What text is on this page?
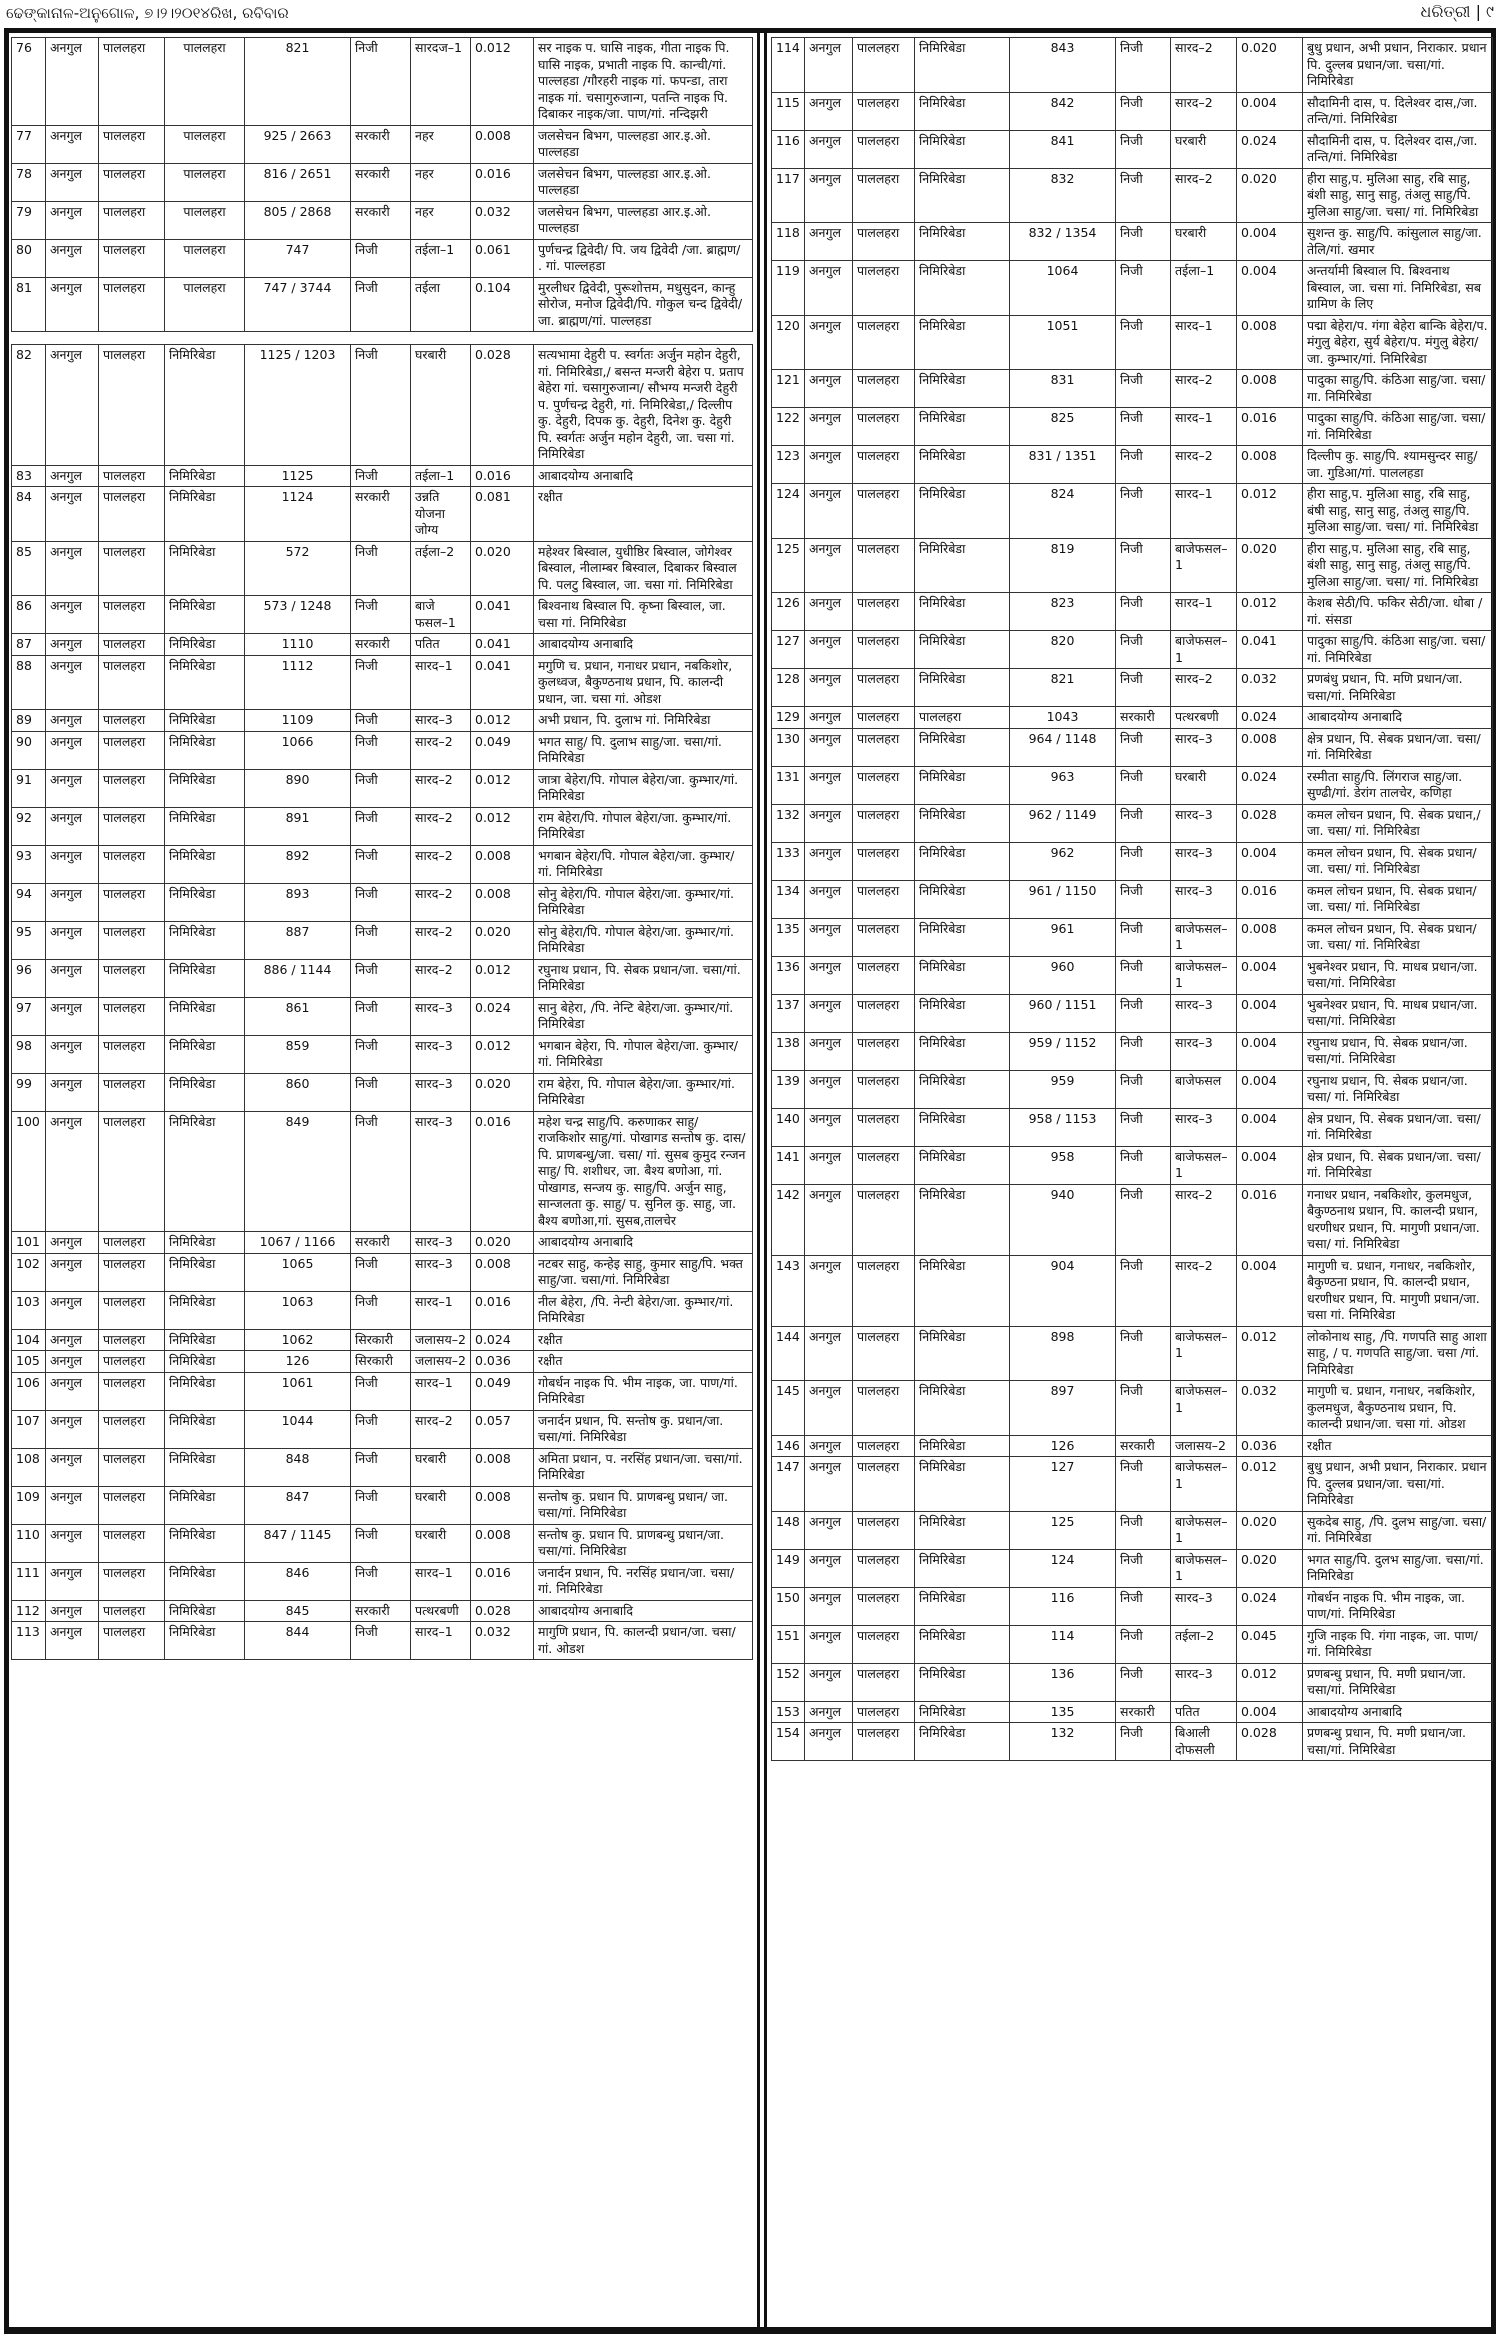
ଢେଙ୍କାନାଳ-ଅନୁଗୋଳ, ୭।୨।୨୦୧୪ରିଖ, ରବିବାର	ଧରିତ୍ରୀ | ୯
76	अनगुल	पाललहरा	पाललहरा	821	निजी	सारदज–1	0.012	सर नाइक प. घासि नाइक, गीता नाइक पि. घासि नाइक, प्रभाती नाइक पि. कान्ची/गां. पाल्लहडा /गौरहरी नाइक गां. फपन्डा, तारा नाइक गां. चसागुरुजान्ग, पतन्ति नाइक पि. दिबाकर नाइक/जा. पाण/गां. नन्दिझरी
77	अनगुल	पाललहरा	पाललहरा	925 / 2663	सरकारी	नहर	0.008	जलसेचन बिभग, पाल्लहडा आर.इ.ओ. पाल्लहडा
78	अनगुल	पाललहरा	पाललहरा	816 / 2651	सरकारी	नहर	0.016	जलसेचन बिभग, पाल्लहडा आर.इ.ओ. पाल्लहडा
79	अनगुल	पाललहरा	पाललहरा	805 / 2868	सरकारी	नहर	0.032	जलसेचन बिभग, पाल्लहडा आर.इ.ओ. पाल्लहडा
80	अनगुल	पाललहरा	पाललहरा	747	निजी	तईला–1	0.061	पुर्णचन्द्र द्विवेदी/ पि. जय द्विवेदी /जा. ब्राह्मण/ . गां. पाल्लहडा
81	अनगुल	पाललहरा	पाललहरा	747 / 3744	निजी	तईला	0.104	मुरलीधर द्विवेदी, पुरूशोत्तम, मधुसुदन, कान्हु सोरोज, मनोज द्विवेदी/पि. गोकुल चन्द द्विवेदी/जा. ब्राह्मण/गां. पाल्लहडा
82	अनगुल	पाललहरा	निमिरिबेडा	1125 / 1203	निजी	घरबारी	0.028	सत्यभामा देहुरी प. स्वर्गतः अर्जुन महोन देहुरी, गां. निमिरिबेडा,/ बसन्त मन्जरी बेहेरा प. प्रताप बेहेरा गां. चसागुरुजान्ग/ सौभग्य मन्जरी देहुरी प. पुर्णचन्द्र देहुरी, गां. निमिरिबेडा,/ दिल्लीप कु. देहुरी, दिपक कु. देहुरी, दिनेश कु. देहुरी पि. स्वर्गतः अर्जुन महोन देहुरी, जा. चसा गां. निमिरिबेडा
83	अनगुल	पाललहरा	निमिरिबेडा	1125	निजी	तईला–1	0.016	आबादयोग्य अनाबादि
84	अनगुल	पाललहरा	निमिरिबेडा	1124	सरकारी	उन्नति योजना जोग्य	0.081	रक्षीत
85	अनगुल	पाललहरा	निमिरिबेडा	572	निजी	तईला–2	0.020	महेश्वर बिस्वाल, युधीष्ठिर बिस्वाल, जोगेश्वर बिस्वाल, नीलाम्बर बिस्वाल, दिबाकर बिस्वाल पि. पलटु बिस्वाल, जा. चसा गां. निमिरिबेडा
86	अनगुल	पाललहरा	निमिरिबेडा	573 / 1248	निजी	बाजे फसल–1	0.041	बिश्वनाथ बिस्वाल पि. कृष्ना बिस्वाल, जा. चसा गां. निमिरिबेडा
87	अनगुल	पाललहरा	निमिरिबेडा	1110	सरकारी	पतित	0.041	आबादयोग्य अनाबादि
88	अनगुल	पाललहरा	निमिरिबेडा	1112	निजी	सारद–1	0.041	मगुणि च. प्रधान, गनाधर प्रधान, नबकिशोर, कुलध्वज, बैकुण्ठनाथ प्रधान, पि. कालन्दी प्रधान, जा. चसा गां. ओडश
89	अनगुल	पाललहरा	निमिरिबेडा	1109	निजी	सारद–3	0.012	अभी प्रधान, पि. दुलाभ गां. निमिरिबेडा
90	अनगुल	पाललहरा	निमिरिबेडा	1066	निजी	सारद–2	0.049	भगत साहु/ पि. दुलाभ साहु/जा. चसा/गां. निमिरिबेडा
91	अनगुल	पाललहरा	निमिरिबेडा	890	निजी	सारद–2	0.012	जात्रा बेहेरा/पि. गोपाल बेहेरा/जा. कुम्भार/गां. निमिरिबेडा
92	अनगुल	पाललहरा	निमिरिबेडा	891	निजी	सारद–2	0.012	राम बेहेरा/पि. गोपाल बेहेरा/जा. कुम्भार/गां. निमिरिबेडा
93	अनगुल	पाललहरा	निमिरिबेडा	892	निजी	सारद–2	0.008	भगबान बेहेरा/पि. गोपाल बेहेरा/जा. कुम्भार/गां. निमिरिबेडा
94	अनगुल	पाललहरा	निमिरिबेडा	893	निजी	सारद–2	0.008	सोनु बेहेरा/पि. गोपाल बेहेरा/जा. कुम्भार/गां. निमिरिबेडा
95	अनगुल	पाललहरा	निमिरिबेडा	887	निजी	सारद–2	0.020	सोनु बेहेरा/पि. गोपाल बेहेरा/जा. कुम्भार/गां. निमिरिबेडा
96	अनगुल	पाललहरा	निमिरिबेडा	886 / 1144	निजी	सारद–2	0.012	रघुनाथ प्रधान, पि. सेबक प्रधान/जा. चसा/गां. निमिरिबेडा
97	अनगुल	पाललहरा	निमिरिबेडा	861	निजी	सारद–3	0.024	सानु बेहेरा, /पि. नेन्टि बेहेरा/जा. कुम्भार/गां. निमिरिबेडा
98	अनगुल	पाललहरा	निमिरिबेडा	859	निजी	सारद–3	0.012	भगबान बेहेरा, पि. गोपाल बेहेरा/जा. कुम्भार/गां. निमिरिबेडा
99	अनगुल	पाललहरा	निमिरिबेडा	860	निजी	सारद–3	0.020	राम बेहेरा, पि. गोपाल बेहेरा/जा. कुम्भार/गां. निमिरिबेडा
100	अनगुल	पाललहरा	निमिरिबेडा	849	निजी	सारद–3	0.016	महेश चन्द्र साहु/पि. करुणाकर साहु/ राजकिशोर साहु/गां. पोखागड सन्तोष कु. दास/ पि. प्राणबन्धु/जा. चसा/ गां. सुसब कुमुद रन्जन साहु/ पि. शशीधर, जा. बैश्य बणोआ, गां. पोखागड, सन्जय कु. साहु/पि. अर्जुन साहु, सान्जलता कु. साहु/ प. सुनिल कु. साहु, जा. बैश्य बणोआ,गां. सुसब,तालचेर
101	अनगुल	पाललहरा	निमिरिबेडा	1067 / 1166	सरकारी	सारद–3	0.020	आबादयोग्य अनाबादि
102	अनगुल	पाललहरा	निमिरिबेडा	1065	निजी	सारद–3	0.008	नटबर साहु, कन्हेइ साहु, कुमार साहु/पि. भक्त साहु/जा. चसा/गां. निमिरिबेडा
103	अनगुल	पाललहरा	निमिरिबेडा	1063	निजी	सारद–1	0.016	नील बेहेरा, /पि. नेन्टी बेहेरा/जा. कुम्भार/गां. निमिरिबेडा
104	अनगुल	पाललहरा	निमिरिबेडा	1062	सिरकारी	जलासय–2	0.024	रक्षीत
105	अनगुल	पाललहरा	निमिरिबेडा	126	सिरकारी	जलासय–2	0.036	रक्षीत
106	अनगुल	पाललहरा	निमिरिबेडा	1061	निजी	सारद–1	0.049	गोबर्धन नाइक पि. भीम नाइक, जा. पाण/गां. निमिरिबेडा
107	अनगुल	पाललहरा	निमिरिबेडा	1044	निजी	सारद–2	0.057	जनार्दन प्रधान, पि. सन्तोष कु. प्रधान/जा. चसा/गां. निमिरिबेडा
108	अनगुल	पाललहरा	निमिरिबेडा	848	निजी	घरबारी	0.008	अमिता प्रधान, प. नरसिंह प्रधान/जा. चसा/गां. निमिरिबेडा
109	अनगुल	पाललहरा	निमिरिबेडा	847	निजी	घरबारी	0.008	सन्तोष कु. प्रधान पि. प्राणबन्धु प्रधान/ जा. चसा/गां. निमिरिबेडा
110	अनगुल	पाललहरा	निमिरिबेडा	847 / 1145	निजी	घरबारी	0.008	सन्तोष कु. प्रधान पि. प्राणबन्धु प्रधान/जा. चसा/गां. निमिरिबेडा
111	अनगुल	पाललहरा	निमिरिबेडा	846	निजी	सारद–1	0.016	जनार्दन प्रधान, पि. नरसिंह प्रधान/जा. चसा/गां. निमिरिबेडा
112	अनगुल	पाललहरा	निमिरिबेडा	845	सरकारी	पत्थरबणी	0.028	आबादयोग्य अनाबादि
113	अनगुल	पाललहरा	निमिरिबेडा	844	निजी	सारद–1	0.032	मागुणि प्रधान, पि. कालन्दी प्रधान/जा. चसा/गां. ओडश
114	अनगुल	पाललहरा	निमिरिबेडा	843	निजी	सारद–2	0.020	बुधु प्रधान, अभी प्रधान, निराकार. प्रधान पि. दुल्लब प्रधान/जा. चसा/गां. निमिरिबेडा
115	अनगुल	पाललहरा	निमिरिबेडा	842	निजी	सारद–2	0.004	सौदामिनी दास, प. दिलेश्वर दास,/जा. तन्ति/गां. निमिरिबेडा
116	अनगुल	पाललहरा	निमिरिबेडा	841	निजी	घरबारी	0.024	सौदामिनी दास, प. दिलेश्वर दास,/जा. तन्ति/गां. निमिरिबेडा
117	अनगुल	पाललहरा	निमिरिबेडा	832	निजी	सारद–2	0.020	हीरा साहु,प. मुलिआ साहु, रबि साहु, बंशी साहु, सानु साहु, तंअलु साहु/पि. मुलिआ साहु/जा. चसा/ गां. निमिरिबेडा
118	अनगुल	पाललहरा	निमिरिबेडा	832 / 1354	निजी	घरबारी	0.004	सुशन्त कु. साहु/पि. कांसुलाल साहु/जा. तेलि/गां. खमार
119	अनगुल	पाललहरा	निमिरिबेडा	1064	निजी	तईला–1	0.004	अन्तर्यामी बिस्वाल पि. बिश्वनाथ बिस्वाल, जा. चसा गां. निमिरिबेडा, सब ग्रामिण के लिए
120	अनगुल	पाललहरा	निमिरिबेडा	1051	निजी	सारद–1	0.008	पद्मा बेहेरा/प. गंगा बेहेरा बान्कि बेहेरा/प. मंगुलु बेहेरा, सुर्य बेहेरा/प. मंगुलु बेहेरा/जा. कुम्भार/गां. निमिरिबेडा
121	अनगुल	पाललहरा	निमिरिबेडा	831	निजी	सारद–2	0.008	पादुका साहु/पि. कंठिआ साहु/जा. चसा/गा. निमिरिबेडा
122	अनगुल	पाललहरा	निमिरिबेडा	825	निजी	सारद–1	0.016	पादुका साहु/पि. कंठिआ साहु/जा. चसा/गां. निमिरिबेडा
123	अनगुल	पाललहरा	निमिरिबेडा	831 / 1351	निजी	सारद–2	0.008	दिल्लीप कु. साहु/पि. श्यामसुन्दर साहु/जा. गुडिआ/गां. पाललहडा
124	अनगुल	पाललहरा	निमिरिबेडा	824	निजी	सारद–1	0.012	हीरा साहु,प. मुलिआ साहु, रबि साहु, बंषी साहु, सानु साहु, तंअलु साहु/पि. मुलिआ साहु/जा. चसा/ गां. निमिरिबेडा
125	अनगुल	पाललहरा	निमिरिबेडा	819	निजी	बाजेफसल–1	0.020	हीरा साहु,प. मुलिआ साहु, रबि साहु, बंशी साहु, सानु साहु, तंअलु साहु/पि. मुलिआ साहु/जा. चसा/ गां. निमिरिबेडा
126	अनगुल	पाललहरा	निमिरिबेडा	823	निजी	सारद–1	0.012	केशब सेठी/पि. फकिर सेठी/जा. धोबा /गां. संसडा
127	अनगुल	पाललहरा	निमिरिबेडा	820	निजी	बाजेफसल–1	0.041	पादुका साहु/पि. कंठिआ साहु/जा. चसा/गां. निमिरिबेडा
128	अनगुल	पाललहरा	निमिरिबेडा	821	निजी	सारद–2	0.032	प्रणबंधु प्रधान, पि. मणि प्रधान/जा. चसा/गां. निमिरिबेडा
129	अनगुल	पाललहरा	पाललहरा	1043	सरकारी	पत्थरबणी	0.024	आबादयोग्य अनाबादि
130	अनगुल	पाललहरा	निमिरिबेडा	964 / 1148	निजी	सारद–3	0.008	क्षेत्र प्रधान, पि. सेबक प्रधान/जा. चसा/गां. निमिरिबेडा
131	अनगुल	पाललहरा	निमिरिबेडा	963	निजी	घरबारी	0.024	रस्मीता साहु/पि. लिंगराज साहु/जा. सुण्ढी/गां. डेरांग तालचेर, कणिहा
132	अनगुल	पाललहरा	निमिरिबेडा	962 / 1149	निजी	सारद–3	0.028	कमल लोचन प्रधान, पि. सेबक प्रधान,/ जा. चसा/ गां. निमिरिबेडा
133	अनगुल	पाललहरा	निमिरिबेडा	962	निजी	सारद–3	0.004	कमल लोचन प्रधान, पि. सेबक प्रधान/जा. चसा/ गां. निमिरिबेडा
134	अनगुल	पाललहरा	निमिरिबेडा	961 / 1150	निजी	सारद–3	0.016	कमल लोचन प्रधान, पि. सेबक प्रधान/जा. चसा/ गां. निमिरिबेडा
135	अनगुल	पाललहरा	निमिरिबेडा	961	निजी	बाजेफसल–1	0.008	कमल लोचन प्रधान, पि. सेबक प्रधान/जा. चसा/ गां. निमिरिबेडा
136	अनगुल	पाललहरा	निमिरिबेडा	960	निजी	बाजेफसल–1	0.004	भुबनेश्वर प्रधान, पि. माधब प्रधान/जा. चसा/गां. निमिरिबेडा
137	अनगुल	पाललहरा	निमिरिबेडा	960 / 1151	निजी	सारद–3	0.004	भुबनेश्वर प्रधान, पि. माधब प्रधान/जा. चसा/गां. निमिरिबेडा
138	अनगुल	पाललहरा	निमिरिबेडा	959 / 1152	निजी	सारद–3	0.004	रघुनाथ प्रधान, पि. सेबक प्रधान/जा. चसा/गां. निमिरिबेडा
139	अनगुल	पाललहरा	निमिरिबेडा	959	निजी	बाजेफसल	0.004	रघुनाथ प्रधान, पि. सेबक प्रधान/जा. चसा/ गां. निमिरिबेडा
140	अनगुल	पाललहरा	निमिरिबेडा	958 / 1153	निजी	सारद–3	0.004	क्षेत्र प्रधान, पि. सेबक प्रधान/जा. चसा/ गां. निमिरिबेडा
141	अनगुल	पाललहरा	निमिरिबेडा	958	निजी	बाजेफसल–1	0.004	क्षेत्र प्रधान, पि. सेबक प्रधान/जा. चसा/ गां. निमिरिबेडा
142	अनगुल	पाललहरा	निमिरिबेडा	940	निजी	सारद–2	0.016	गनाधर प्रधान, नबकिशोर, कुलमधुज, बैकुण्ठनाथ प्रधान, पि. कालन्दी प्रधान, धरणीधर प्रधान, पि. मागुणी प्रधान/जा. चसा/ गां. निमिरिबेडा
143	अनगुल	पाललहरा	निमिरिबेडा	904	निजी	सारद–2	0.004	मागुणी च. प्रधान, गनाधर, नबकिशोर, बैकुण्ठना प्रधान, पि. कालन्दी प्रधान, धरणीधर प्रधान, पि. मागुणी प्रधान/जा. चसा गां. निमिरिबेडा
144	अनगुल	पाललहरा	निमिरिबेडा	898	निजी	बाजेफसल–1	0.012	लोकोनाथ साहु, /पि. गणपति साहु आशा साहु, / प. गणपति साहु/जा. चसा /गां. निमिरिबेडा
145	अनगुल	पाललहरा	निमिरिबेडा	897	निजी	बाजेफसल–1	0.032	मागुणी च. प्रधान, गनाधर, नबकिशोर, कुलमधुज, बैकुण्ठनाथ प्रधान, पि. कालन्दी प्रधान/जा. चसा गां. ओडश
146	अनगुल	पाललहरा	निमिरिबेडा	126	सरकारी	जलासय–2	0.036	रक्षीत
147	अनगुल	पाललहरा	निमिरिबेडा	127	निजी	बाजेफसल–1	0.012	बुधु प्रधान, अभी प्रधान, निराकार. प्रधान पि. दुल्लब प्रधान/जा. चसा/गां. निमिरिबेडा
148	अनगुल	पाललहरा	निमिरिबेडा	125	निजी	बाजेफसल–1	0.020	सुकदेब साहु, /पि. दुलभ साहु/जा. चसा/ गां. निमिरिबेडा
149	अनगुल	पाललहरा	निमिरिबेडा	124	निजी	बाजेफसल–1	0.020	भगत साहु/पि. दुलभ साहु/जा. चसा/गां. निमिरिबेडा
150	अनगुल	पाललहरा	निमिरिबेडा	116	निजी	सारद–3	0.024	गोबर्धन नाइक पि. भीम नाइक, जा. पाण/गां. निमिरिबेडा
151	अनगुल	पाललहरा	निमिरिबेडा	114	निजी	तईला–2	0.045	गुजि नाइक पि. गंगा नाइक, जा. पाण/गां. निमिरिबेडा
152	अनगुल	पाललहरा	निमिरिबेडा	136	निजी	सारद–3	0.012	प्रणबन्धु प्रधान, पि. मणी प्रधान/जा. चसा/गां. निमिरिबेडा
153	अनगुल	पाललहरा	निमिरिबेडा	135	सरकारी	पतित	0.004	आबादयोग्य अनाबादि
154	अनगुल	पाललहरा	निमिरिबेडा	132	निजी	बिआली दोफसली	0.028	प्रणबन्धु प्रधान, पि. मणी प्रधान/जा. चसा/गां. निमिरिबेडा
